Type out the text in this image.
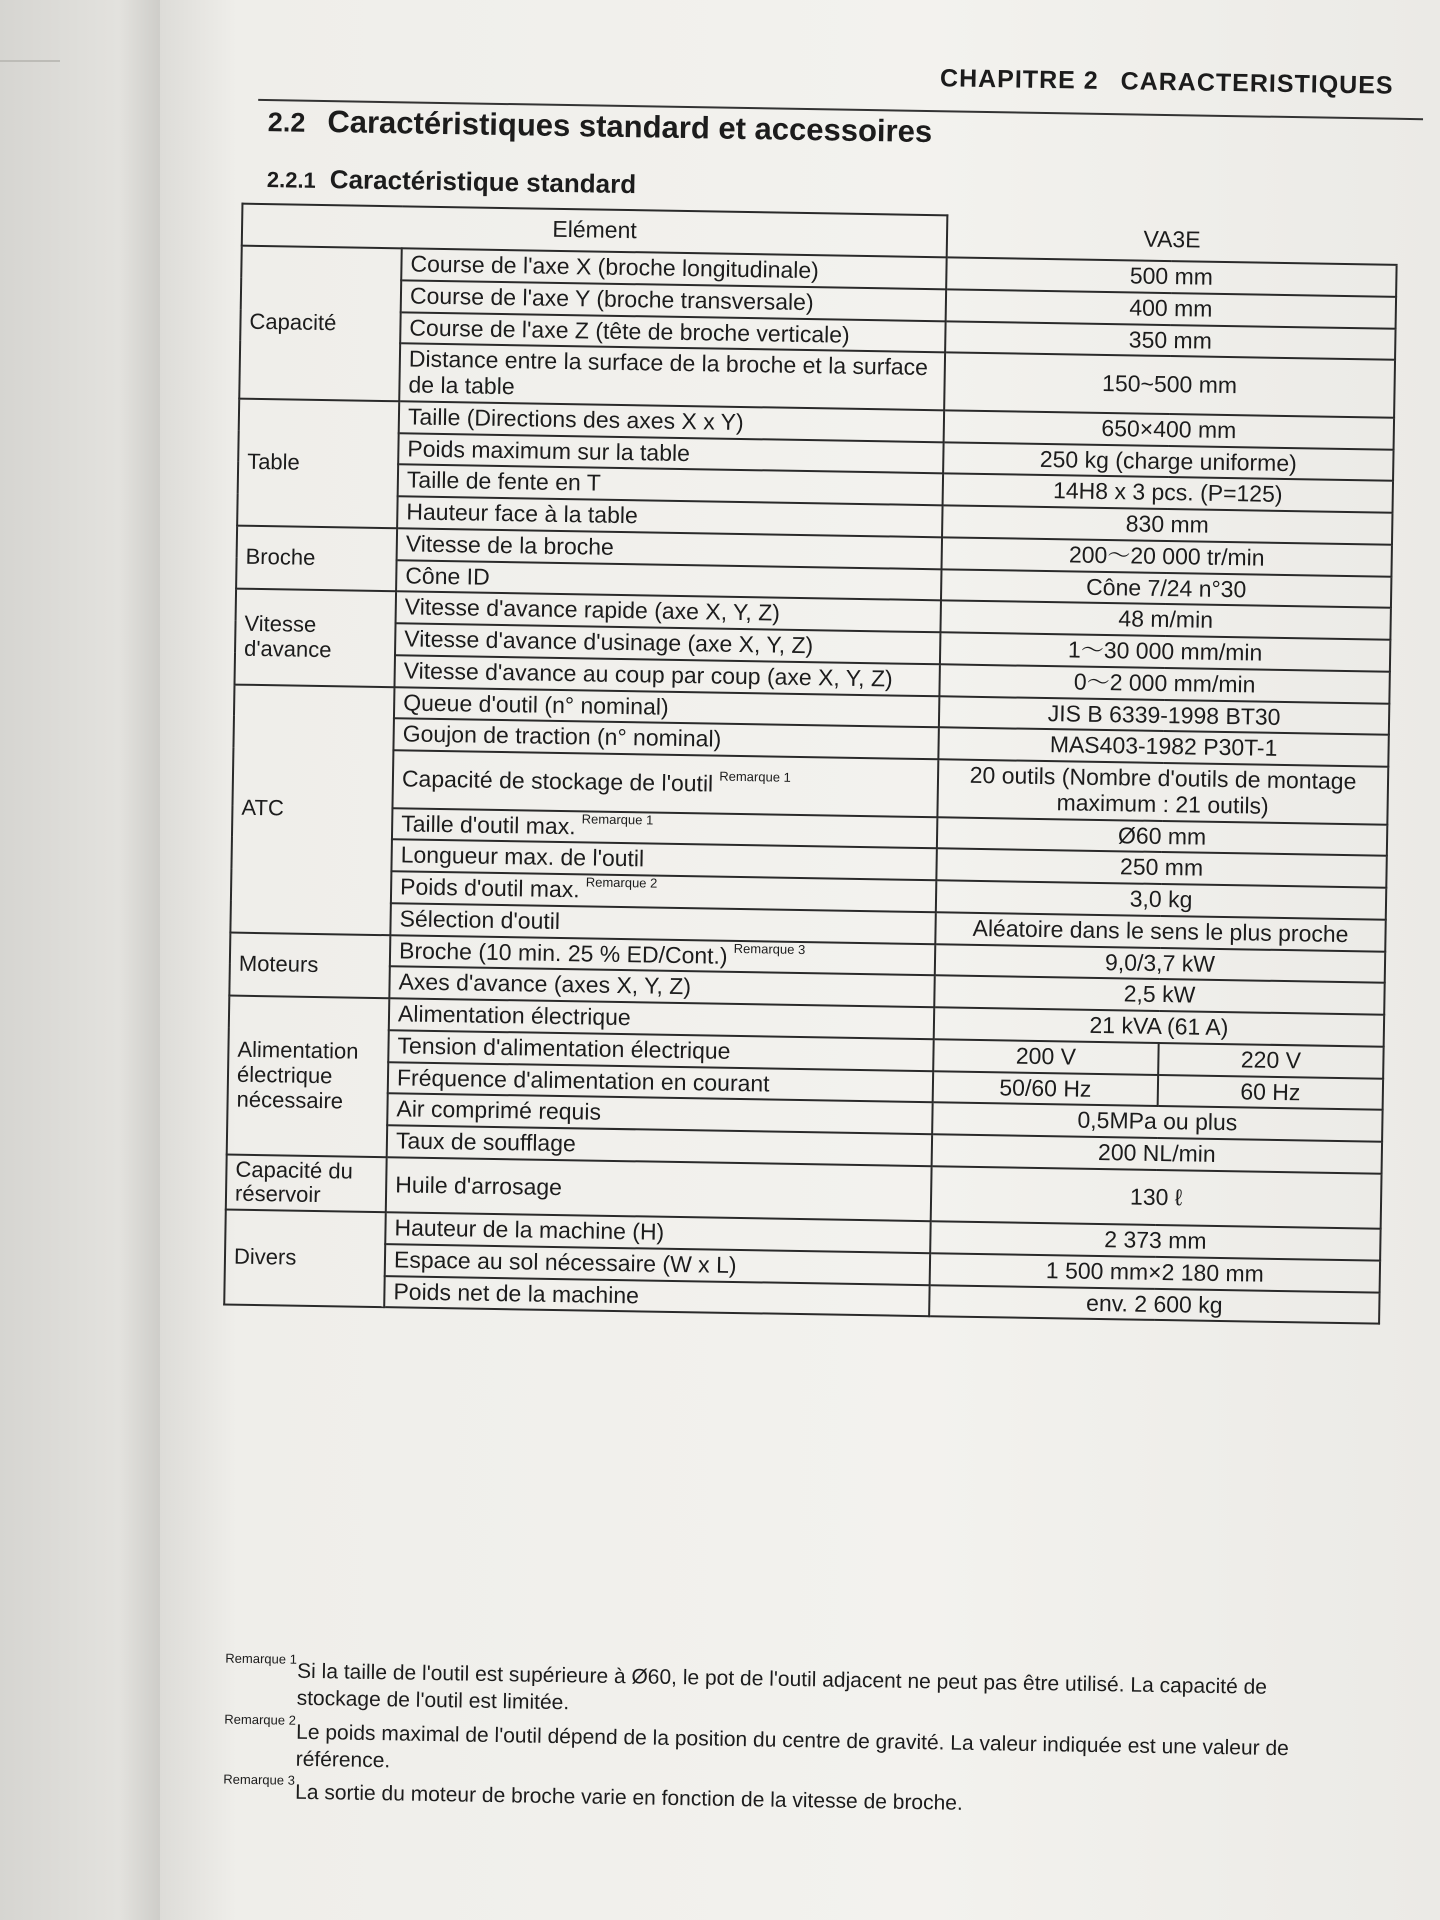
CHAPITRE 2 CARACTERISTIQUES
2.2 Caractéristiques standard et accessoires
2.2.1 Caractéristique standard
Elément		VA3E	
Capacité	Course de l'axe X (broche longitudinale)	500 mm	
	Course de l'axe Y (broche transversale)	400 mm	
	Course de l'axe Z (tête de broche verticale)	350 mm	
	Distance entre la surface de la broche et la surface de la table	150~500 mm	
Table	Taille (Directions des axes X x Y)	650×400 mm	
	Poids maximum sur la table	250 kg (charge uniforme)	
	Taille de fente en T	14H8 x 3 pcs. (P=125)	
	Hauteur face à la table	830 mm	
Broche	Vitesse de la broche	200〜20 000 tr/min	
	Cône ID	Cône 7/24 n°30	
Vitesse d'avance	Vitesse d'avance rapide (axe X, Y, Z)	48 m/min	
	Vitesse d'avance d'usinage (axe X, Y, Z)	1〜30 000 mm/min	
	Vitesse d'avance au coup par coup (axe X, Y, Z)	0〜2 000 mm/min	
ATC	Queue d'outil (n° nominal)	JIS B 6339-1998 BT30	
	Goujon de traction (n° nominal)	MAS403-1982 P30T-1	
	Capacité de stockage de l'outil $^{Remarque 1}$	20 outils (Nombre d'outils de montage maximum : 21 outils)	
	Taille d'outil max. $^{Remarque 1}$	Ø60 mm	
	Longueur max. de l'outil	250 mm	
	Poids d'outil max. $^{Remarque 2}$	3,0 kg	
	Sélection d'outil	Aléatoire dans le sens le plus proche	
Moteurs	Broche (10 min. 25 % ED/Cont.) $^{Remarque 3}$	9,0/3,7 kW	
	Axes d'avance (axes X, Y, Z)	2,5 kW	
Alimentation électrique nécessaire	Alimentation électrique	21 kVA (61 A)	
	Tension d'alimentation électrique	200 V	220 V
	Fréquence d'alimentation en courant	50/60 Hz	60 Hz
	Air comprimé requis	0,5MPa ou plus	
	Taux de soufflage	200 NL/min	
Capacité du réservoir	Huile d'arrosage	130 ℓ	
Divers	Hauteur de la machine (H)	2 373 mm	
	Espace au sol nécessaire (W x L)	1 500 mm×2 180 mm	
	Poids net de la machine	env. 2 600 kg	
Remarque 1
Si la taille de l'outil est supérieure à Ø60, le pot de l'outil adjacent ne peut pas être utilisé. La capacité de stockage de l'outil est limitée.
Remarque 2
Le poids maximal de l'outil dépend de la position du centre de gravité. La valeur indiquée est une valeur de référence.
Remarque 3
La sortie du moteur de broche varie en fonction de la vitesse de broche.
